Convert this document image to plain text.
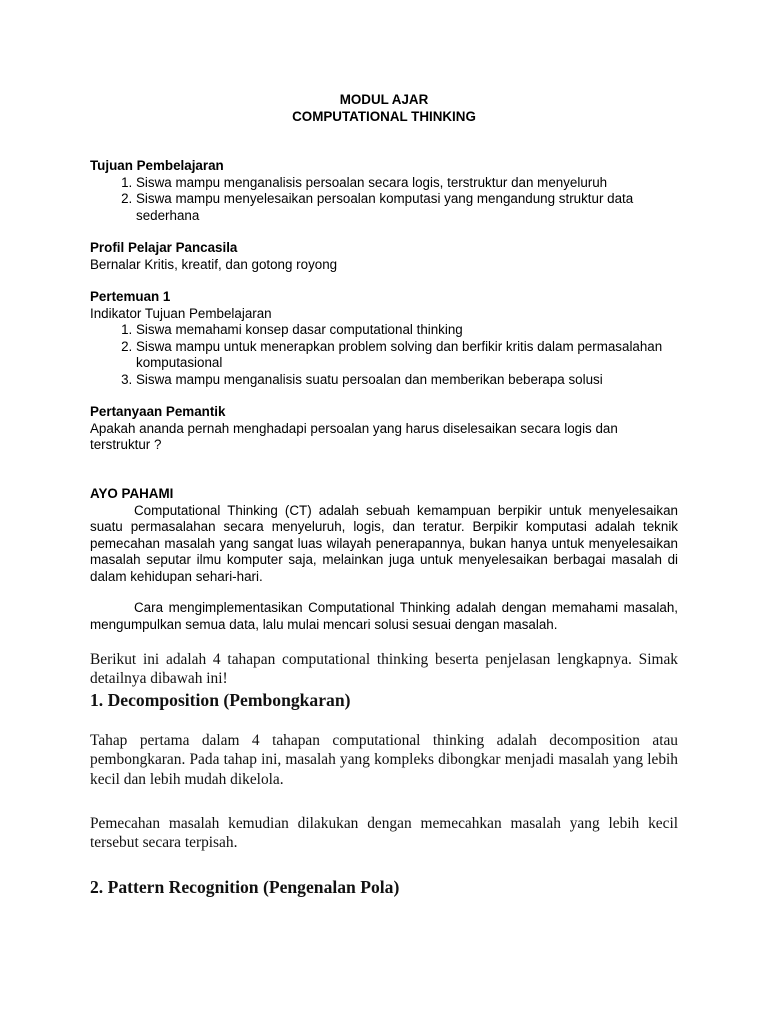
MODUL AJAR
COMPUTATIONAL THINKING

Tujuan Pembelajaran

1. Siswa mampu menganalisis persoalan secara logis, terstruktur dan menyeluruh
2. Siswa mampu menyelesaikan persoalan komputasi yang mengandung struktur data sederhana

Profil Pelajar Pancasila

Bernalar Kritis, kreatif, dan gotong royong

Pertemuan 1

Indikator Tujuan Pembelajaran

1. Siswa memahami konsep dasar computational thinking
2. Siswa mampu untuk menerapkan problem solving dan berfikir kritis dalam permasalahan komputasional
3. Siswa mampu menganalisis suatu persoalan dan memberikan beberapa solusi

Pertanyaan Pemantik

Apakah ananda pernah menghadapi persoalan yang harus diselesaikan secara logis dan terstruktur ?

AYO PAHAMI

Computational Thinking (CT) adalah sebuah kemampuan berpikir untuk menyelesaikan suatu permasalahan secara menyeluruh, logis, dan teratur. Berpikir komputasi adalah teknik pemecahan masalah yang sangat luas wilayah penerapannya, bukan hanya untuk menyelesaikan masalah seputar ilmu komputer saja, melainkan juga untuk menyelesaikan berbagai masalah di dalam kehidupan sehari-hari.

Cara mengimplementasikan Computational Thinking adalah dengan memahami masalah, mengumpulkan semua data, lalu mulai mencari solusi sesuai dengan masalah.

Berikut ini adalah 4 tahapan computational thinking beserta penjelasan lengkapnya. Simak detailnya dibawah ini!

1. Decomposition (Pembongkaran)

Tahap pertama dalam 4 tahapan computational thinking adalah decomposition atau pembongkaran. Pada tahap ini, masalah yang kompleks dibongkar menjadi masalah yang lebih kecil dan lebih mudah dikelola.

Pemecahan masalah kemudian dilakukan dengan memecahkan masalah yang lebih kecil tersebut secara terpisah.

2. Pattern Recognition (Pengenalan Pola)
